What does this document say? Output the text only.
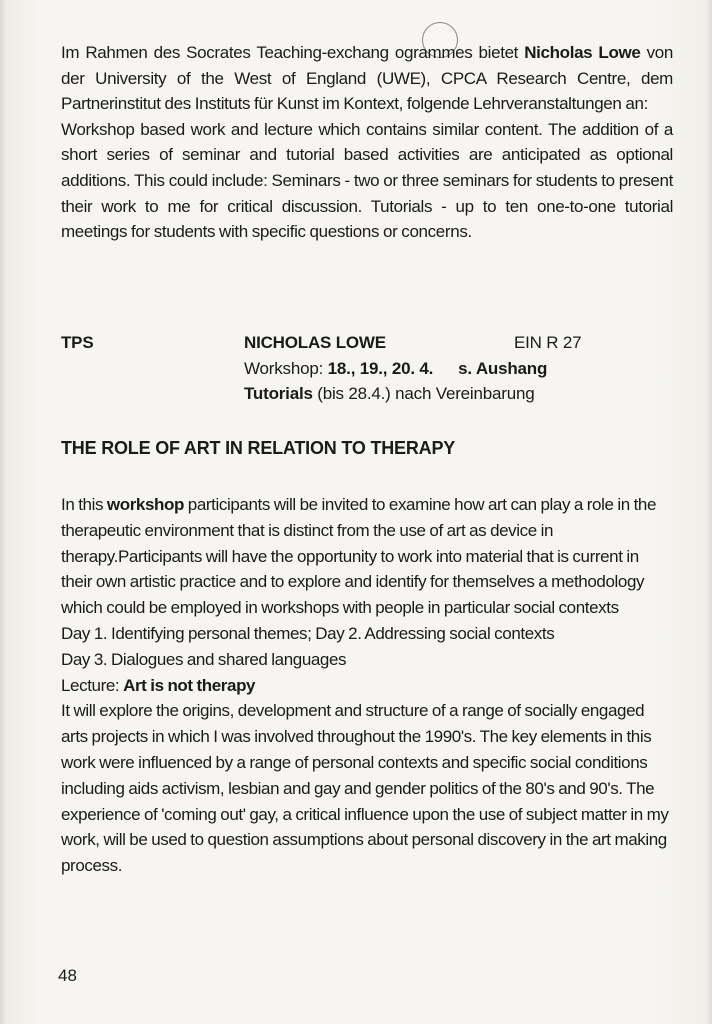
Im Rahmen des Socrates Teaching-exchang ogrammes bietet Nicholas Lowe von der University of the West of England (UWE), CPCA Research Centre, dem Partnerinstitut des Instituts für Kunst im Kontext, folgende Lehrveranstaltungen an:

Workshop based work and lecture which contains similar content. The addition of a short series of seminar and tutorial based activities are anticipated as optional additions. This could include: Seminars - two or three seminars for students to present their work to me for critical discussion. Tutorials - up to ten one-to-one tutorial meetings for students with specific questions or concerns.

TPS	NICHOLAS LOWE	EIN R 27
Workshop: 18., 19., 20. 4. s. Aushang
Tutorials (bis 28.4.) nach Vereinbarung
THE ROLE OF ART IN RELATION TO THERAPY

In this workshop participants will be invited to examine how art can play a role in the therapeutic environment that is distinct from the use of art as device in therapy.Participants will have the opportunity to work into material that is current in their own artistic practice and to explore and identify for themselves a methodology which could be employed in workshops with people in particular social contexts

Day 1. Identifying personal themes; Day 2. Addressing social contexts

Day 3. Dialogues and shared languages

Lecture: Art is not therapy

It will explore the origins, development and structure of a range of socially engaged arts projects in which I was involved throughout the 1990's. The key elements in this work were influenced by a range of personal contexts and specific social conditions including aids activism, lesbian and gay and gender politics of the 80's and 90's. The experience of 'coming out' gay, a critical influence upon the use of subject matter in my work, will be used to question assumptions about personal discovery in the art making process.

48
